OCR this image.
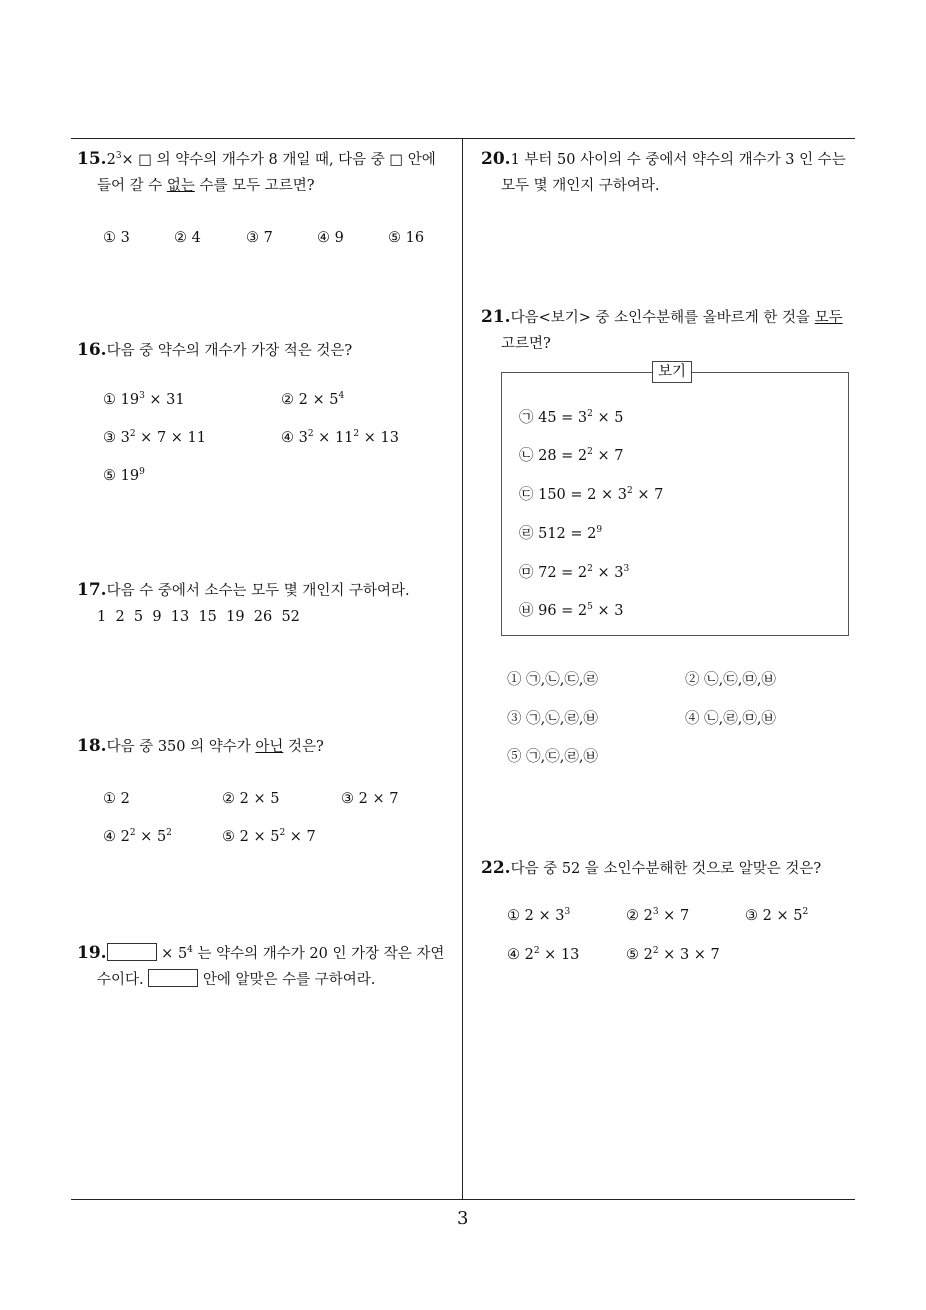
$15.2^3\times$ □ 의 약수의 개수가 8 개일 때, 다음 중 □ 안에
들어 갈 수 없는 수를 모두 고르면?
① 3	② 4	③ 7	④ 9	⑤ 16
16.다음 중 약수의 개수가 가장 적은 것은?
① $19^3 \times 31$	② $2 \times 5^4$
③ $3^2 \times 7 \times 11$	④ $3^2 \times 11^2 \times 13$
⑤ $19^9$
17.다음 수 중에서 소수는 모두 몇 개인지 구하여라.
1  2  5  9  13  15  19  26  52
18.다음 중 350 의 약수가 아닌 것은?
① 2	② 2 × 5	③ 2 × 7
④ $2^2 \times 5^2$	⑤ $2 \times 5^2 \times 7$
19.	× $5^4$ 는 약수의 개수가 20 인 가장 작은 자연
수이다.	안에 알맞은 수를 구하여라.
20.1 부터 50 사이의 수 중에서 약수의 개수가 3 인 수는
모두 몇 개인지 구하여라.
21.다음<보기> 중 소인수분해를 올바르게 한 것을 모두
고르면?
보기
㉠ $45 = 3^2 \times 5$
㉡ $28 = 2^2 \times 7$
㉢ $150 = 2 \times 3^2 \times 7$
㉣ $512 = 2^9$
㉤ $72 = 2^2 \times 3^3$
㉥ $96 = 2^5 \times 3$
① ㉠,㉡,㉢,㉣	② ㉡,㉢,㉤,㉥
③ ㉠,㉡,㉣,㉥	④ ㉡,㉣,㉤,㉥
⑤ ㉠,㉢,㉣,㉥
22.다음 중 52 을 소인수분해한 것으로 알맞은 것은?
① $2 \times 3^3$	② $2^3 \times 7$	③ $2 \times 5^2$
④ $2^2 \times 13$	⑤ $2^2 \times 3 \times 7$
3
